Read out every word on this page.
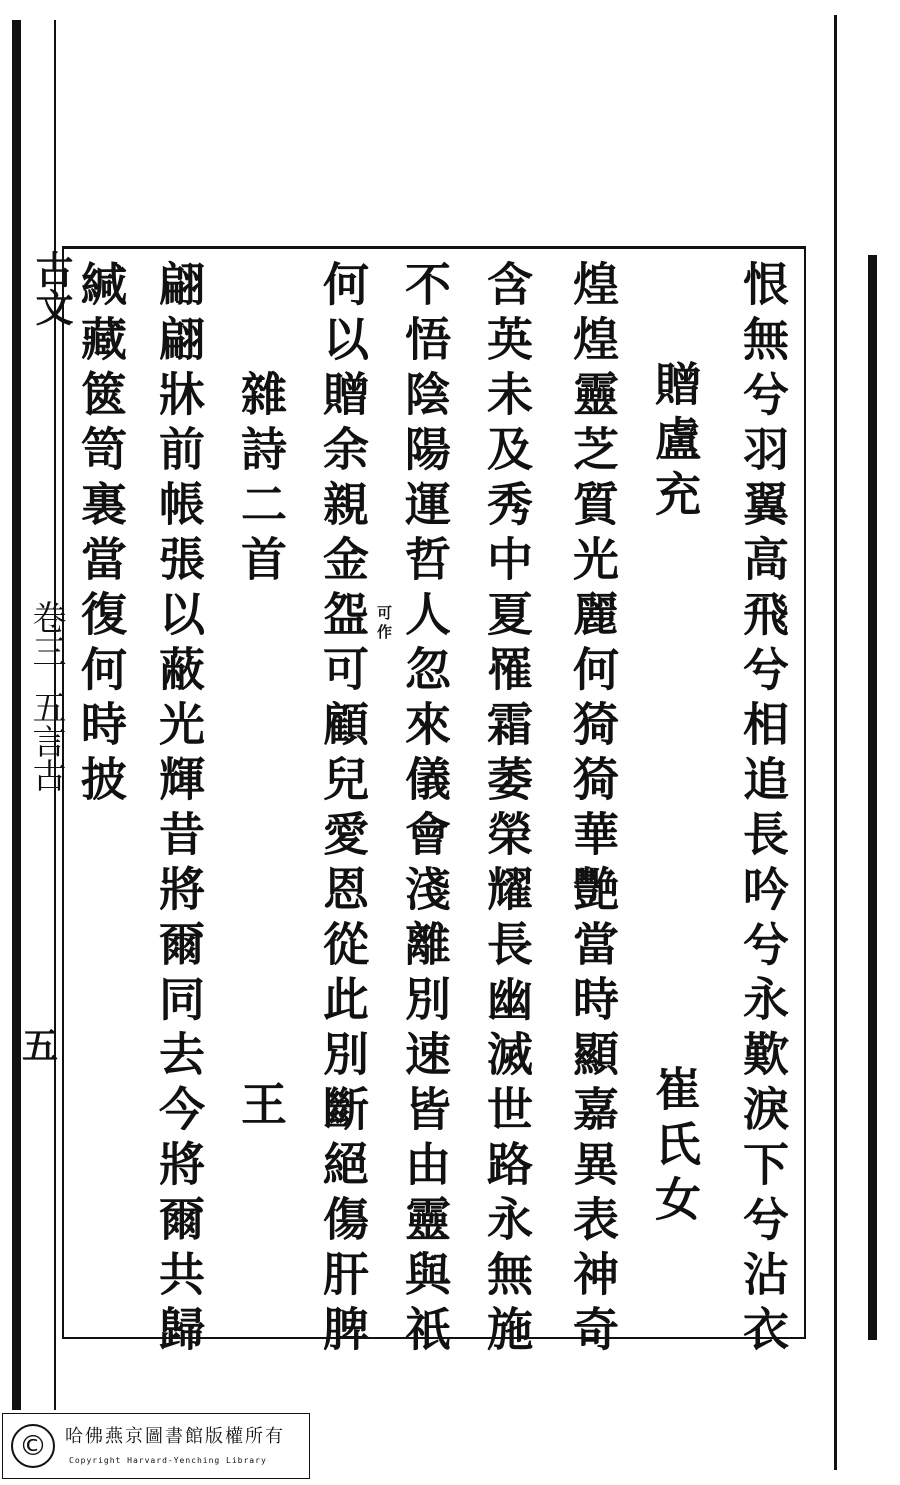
古文
卷三
五言古
五	恨無兮羽翼高飛兮相追長吟兮永歎淚下兮沾衣
贈盧充
崔氏女
煌煌靈芝質光麗何猗猗華艷當時顯嘉異表神奇
含英未及秀中夏罹霜萎榮耀長幽滅世路永無施
不悟陰陽運哲人忽來儀會淺離別速皆由靈與祇
可作
何以贈余親金盌可顧兒愛恩從此別斷絕傷肝脾
雜詩二首
王
翩翩牀前帳張以蔽光輝昔將爾同去今將爾共歸
緘藏篋笥裏當復何時披
©	哈佛燕京圖書館版權所有
Copyright Harvard-Yenching Library
